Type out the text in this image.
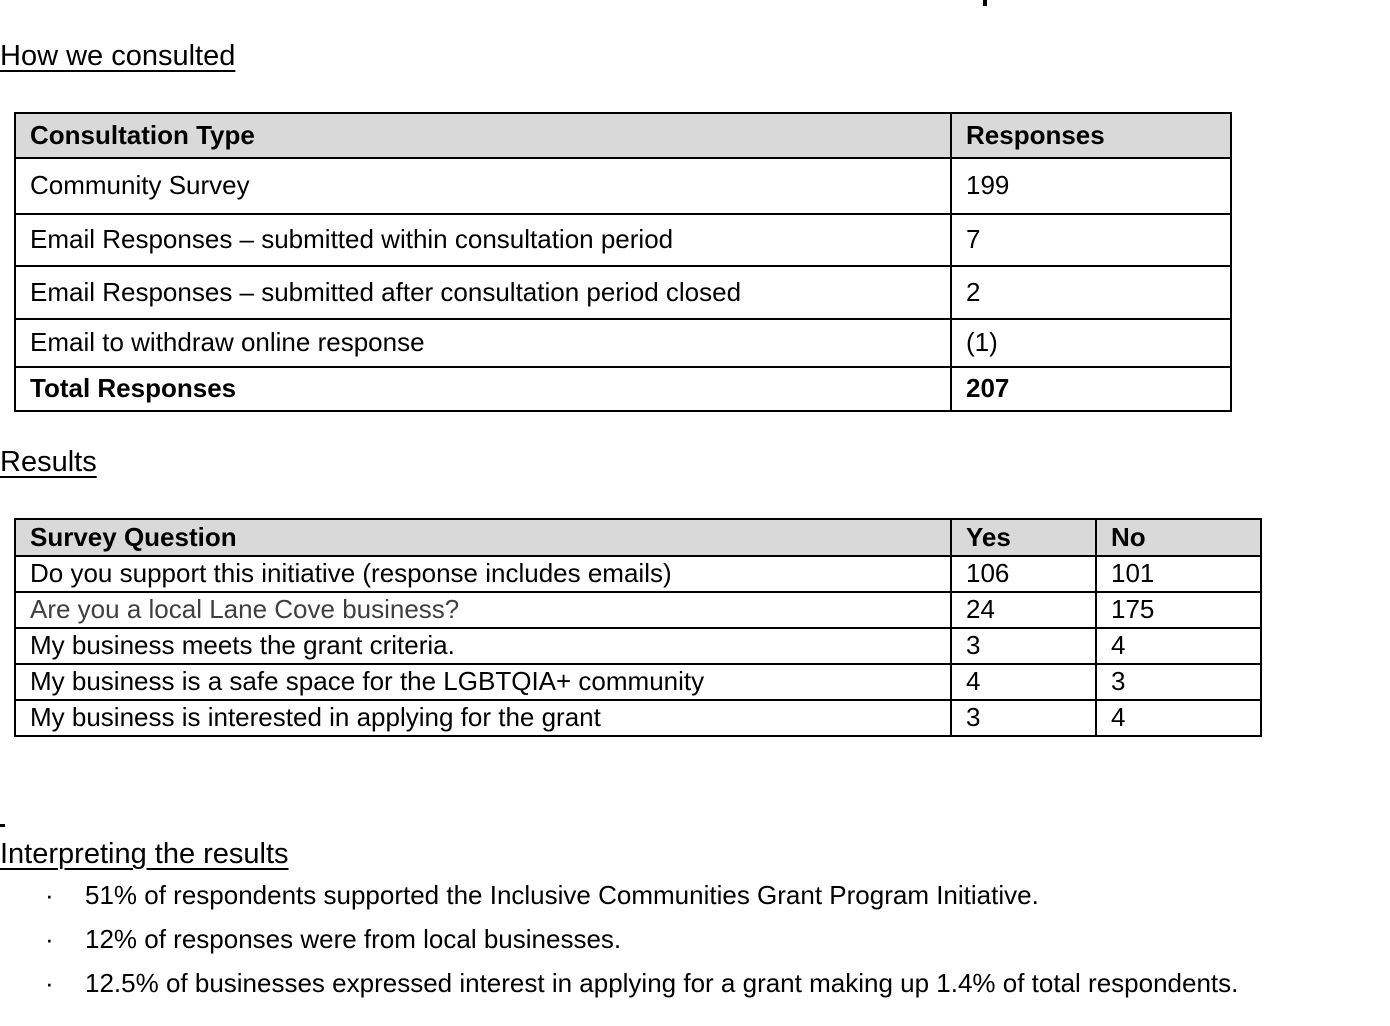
How we consulted
Consultation Type	Responses
Community Survey	199
Email Responses – submitted within consultation period	7
Email Responses – submitted after consultation period closed	2
Email to withdraw online response	(1)
Total Responses	207
Results
Survey Question	Yes	No
Do you support this initiative (response includes emails)	106	101
Are you a local Lane Cove business?	24	175
My business meets the grant criteria.	3	4
My business is a safe space for the LGBTQIA+ community	4	3
My business is interested in applying for the grant	3	4
Interpreting the results
· 51% of respondents supported the Inclusive Communities Grant Program Initiative.
· 12% of responses were from local businesses.
· 12.5% of businesses expressed interest in applying for a grant making up 1.4% of total respondents.
